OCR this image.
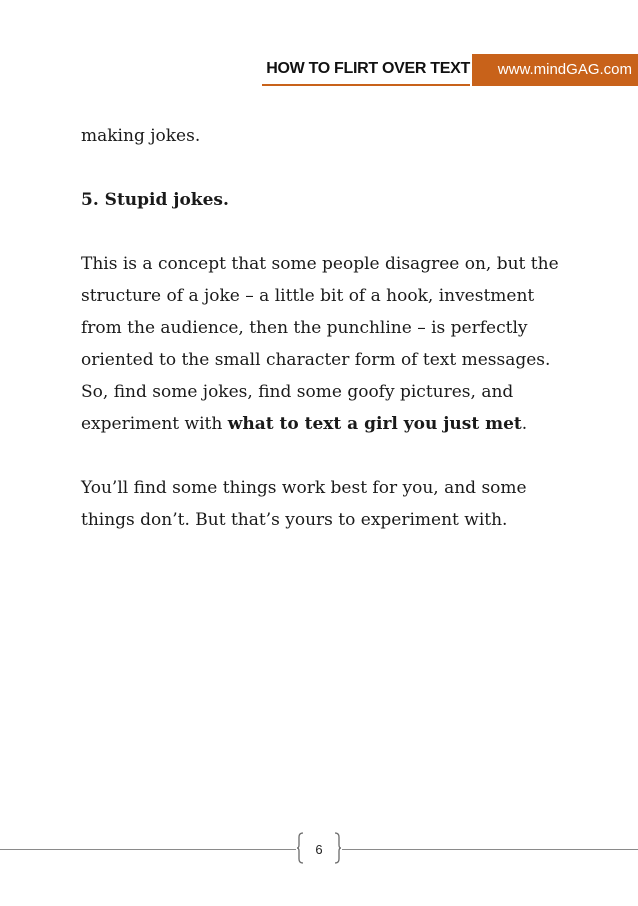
HOW TO FLIRT OVER TEXT	www.mindGAG.com

making jokes.

5. Stupid jokes.

This is a concept that some people disagree on, but the structure of a joke – a little bit of a hook, investment from the audience, then the punchline – is perfectly oriented to the small character form of text messages. So, find some jokes, find some goofy pictures, and experiment with what to text a girl you just met.

You’ll find some things work best for you, and some things don’t. But that’s yours to experiment with.

6
